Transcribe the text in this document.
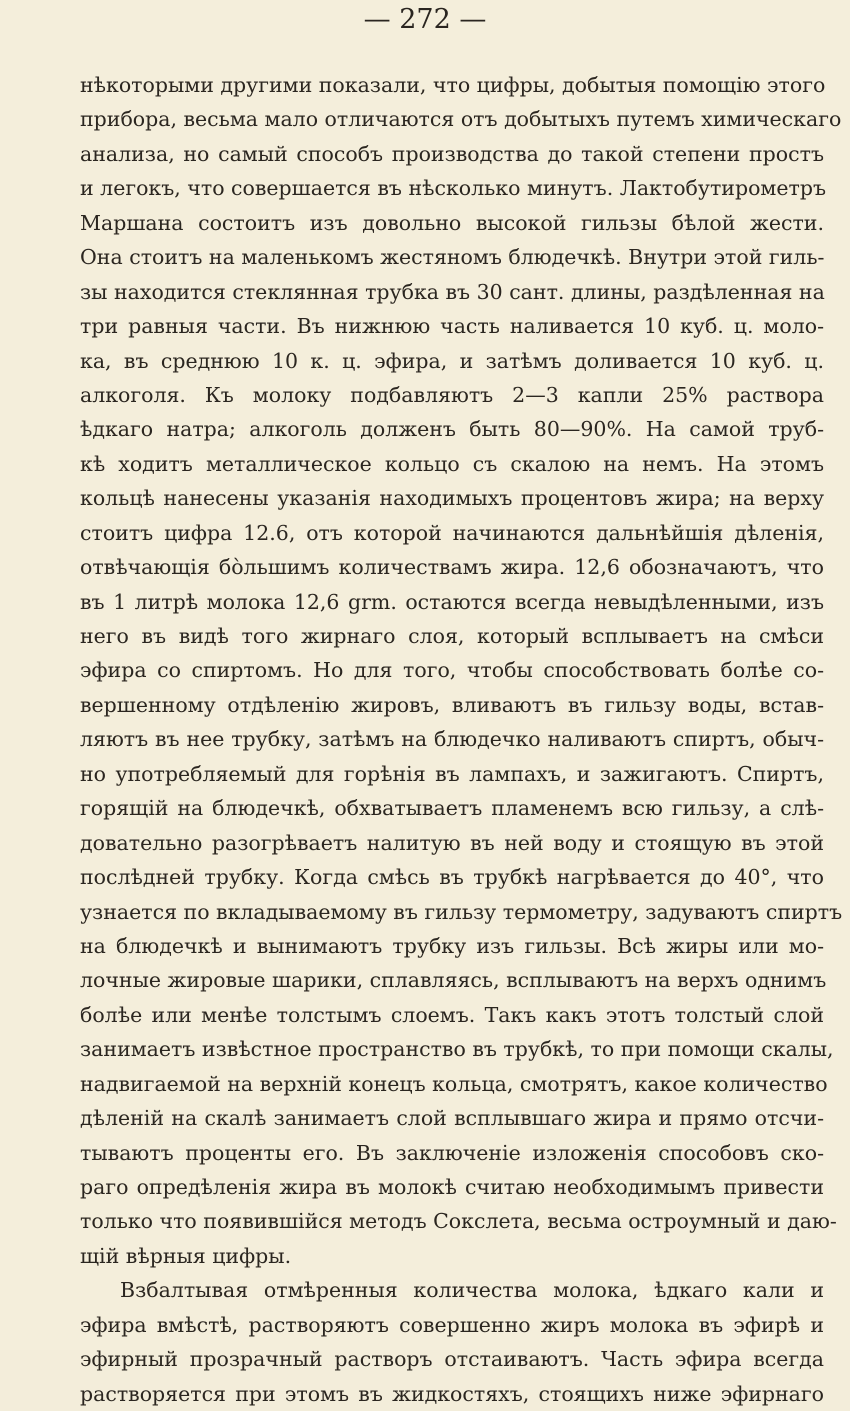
— 272 —

нѣкоторыми другими показали, что цифры, добытыя помощію этого
прибора, весьма мало отличаются отъ добытыхъ путемъ химическаго
анализа, но самый способъ производства до такой степени простъ
и легокъ, что совершается въ нѣсколько минутъ. Лактобутирометръ
Маршана состоитъ изъ довольно высокой гильзы бѣлой жести.
Она стоитъ на маленькомъ жестяномъ блюдечкѣ. Внутри этой гиль-
зы находится стеклянная трубка въ 30 сант. длины, раздѣленная на
три равныя части. Въ нижнюю часть наливается 10 куб. ц. моло-
ка, въ среднюю 10 к. ц. эфира, и затѣмъ доливается 10 куб. ц.
алкоголя. Къ молоку подбавляютъ 2—3 капли 25% раствора
ѣдкаго натра; алкоголь долженъ быть 80—90%. На самой труб-
кѣ ходитъ металлическое кольцо съ скалою на немъ. На этомъ
кольцѣ нанесены указанія находимыхъ процентовъ жира; на верху
стоитъ цифра 12.6, отъ которой начинаются дальнѣйшія дѣленія,
отвѣчающія бо̀льшимъ количествамъ жира. 12,6 обозначаютъ, что
въ 1 литрѣ молока 12,6 grm. остаются всегда невыдѣленными, изъ
него въ видѣ того жирнаго слоя, который всплываетъ на смѣси
эфира со спиртомъ. Но для того, чтобы способствовать болѣе со-
вершенному отдѣленію жировъ, вливаютъ въ гильзу воды, встав-
ляютъ въ нее трубку, затѣмъ на блюдечко наливаютъ спиртъ, обыч-
но употребляемый для горѣнія въ лампахъ, и зажигаютъ. Спиртъ,
горящій на блюдечкѣ, обхватываетъ пламенемъ всю гильзу, а слѣ-
довательно разогрѣваетъ налитую въ ней воду и стоящую въ этой
послѣдней трубку. Когда смѣсь въ трубкѣ нагрѣвается до 40°, что
узнается по вкладываемому въ гильзу термометру, задуваютъ спиртъ
на блюдечкѣ и вынимаютъ трубку изъ гильзы. Всѣ жиры или мо-
лочные жировые шарики, сплавляясь, всплываютъ на верхъ однимъ
болѣе или менѣе толстымъ слоемъ. Такъ какъ этотъ толстый слой
занимаетъ извѣстное пространство въ трубкѣ, то при помощи скалы,
надвигаемой на верхній конецъ кольца, смотрятъ, какое количество
дѣленій на скалѣ занимаетъ слой всплывшаго жира и прямо отсчи-
тываютъ проценты его. Въ заключеніе изложенія способовъ ско-
раго опредѣленія жира въ молокѣ считаю необходимымъ привести
только что появившійся методъ Сокслета, весьма остроумный и даю-
щій вѣрныя цифры.
Взбалтывая отмѣренныя количества молока, ѣдкаго кали и
эфира вмѣстѣ, растворяютъ совершенно жиръ молока въ эфирѣ и
эфирный прозрачный растворъ отстаиваютъ. Часть эфира всегда
растворяется при этомъ въ жидкостяхъ, стоящихъ ниже эфирнаго
